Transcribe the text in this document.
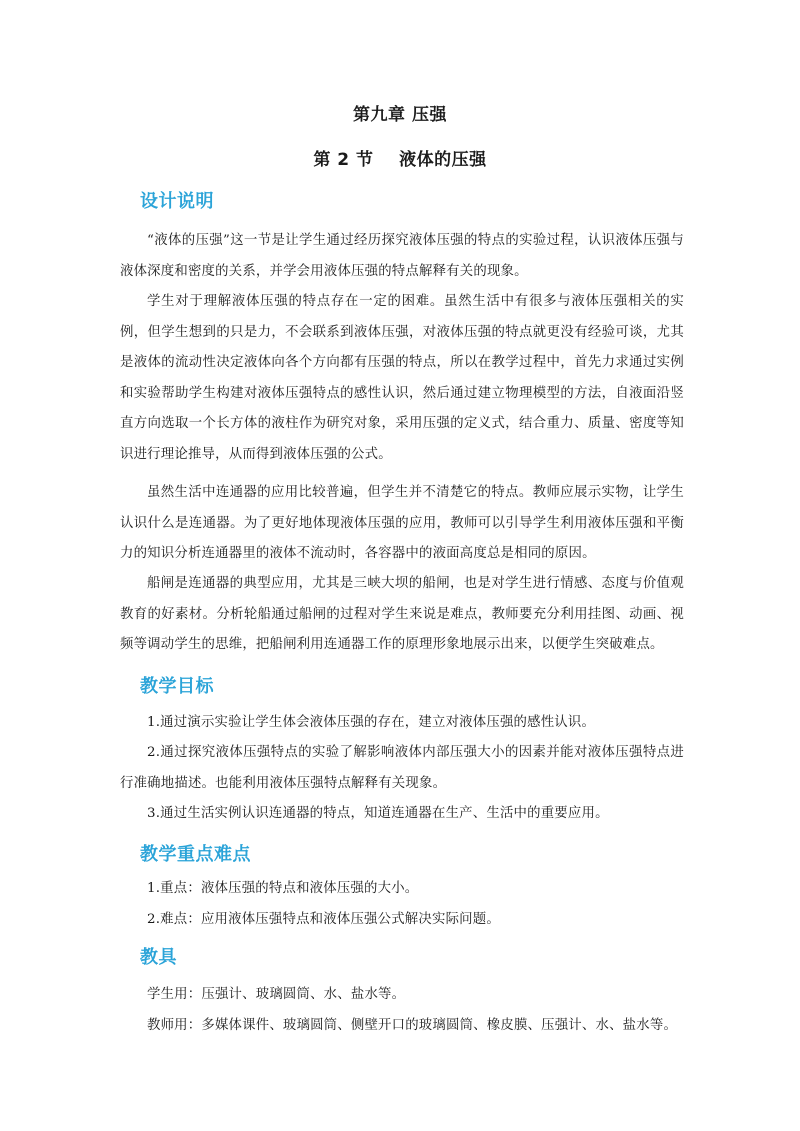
第九章 压强
第 2 节    液体的压强
设计说明
“液体的压强”这一节是让学生通过经历探究液体压强的特点的实验过程，认识液体压强与液体深度和密度的关系，并学会用液体压强的特点解释有关的现象。
学生对于理解液体压强的特点存在一定的困难。虽然生活中有很多与液体压强相关的实例，但学生想到的只是力，不会联系到液体压强，对液体压强的特点就更没有经验可谈，尤其是液体的流动性决定液体向各个方向都有压强的特点，所以在教学过程中，首先力求通过实例和实验帮助学生构建对液体压强特点的感性认识，然后通过建立物理模型的方法，自液面沿竖直方向选取一个长方体的液柱作为研究对象，采用压强的定义式，结合重力、质量、密度等知识进行理论推导，从而得到液体压强的公式。
虽然生活中连通器的应用比较普遍，但学生并不清楚它的特点。教师应展示实物，让学生认识什么是连通器。为了更好地体现液体压强的应用，教师可以引导学生利用液体压强和平衡力的知识分析连通器里的液体不流动时，各容器中的液面高度总是相同的原因。
船闸是连通器的典型应用，尤其是三峡大坝的船闸，也是对学生进行情感、态度与价值观教育的好素材。分析轮船通过船闸的过程对学生来说是难点，教师要充分利用挂图、动画、视频等调动学生的思维，把船闸利用连通器工作的原理形象地展示出来，以便学生突破难点。
教学目标
1.通过演示实验让学生体会液体压强的存在，建立对液体压强的感性认识。
2.通过探究液体压强特点的实验了解影响液体内部压强大小的因素并能对液体压强特点进行准确地描述。也能利用液体压强特点解释有关现象。
3.通过生活实例认识连通器的特点，知道连通器在生产、生活中的重要应用。
教学重点难点
1.重点：液体压强的特点和液体压强的大小。
2.难点：应用液体压强特点和液体压强公式解决实际问题。
教具
学生用：压强计、玻璃圆筒、水、盐水等。
教师用：多媒体课件、玻璃圆筒、侧壁开口的玻璃圆筒、橡皮膜、压强计、水、盐水等。
